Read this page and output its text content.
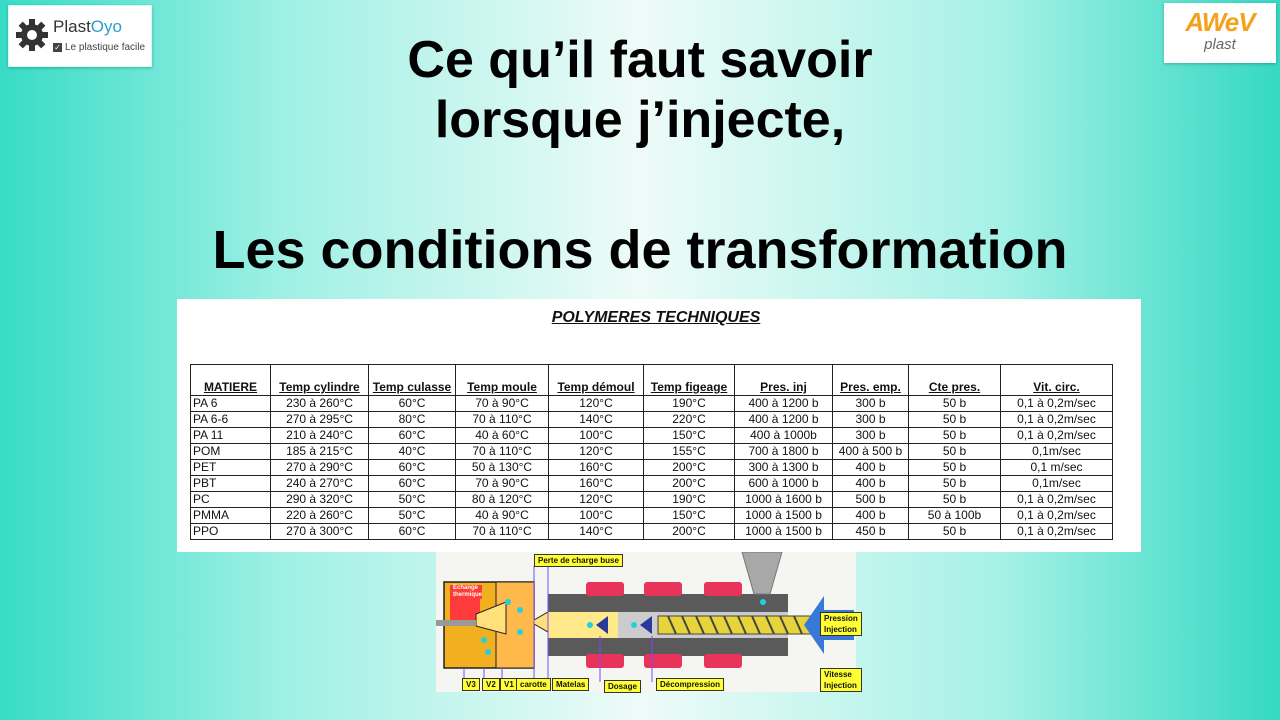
PlastOyo
✓ Le plastique facile
AWeV
plast
Ce qu’il faut savoir
lorsque j’injecte,
Les conditions de transformation
POLYMERES TECHNIQUES
MATIERE	Temp cylindre	Temp culasse	Temp moule	Temp démoul	Temp figeage	Pres. inj	Pres. emp.	Cte pres.	Vit. circ.
PA 6	230 à 260°C	60°C	70 à 90°C	120°C	190°C	400 à 1200 b	300 b	50 b	0,1 à 0,2m/sec
PA 6-6	270 à 295°C	80°C	70 à 110°C	140°C	220°C	400 à 1200 b	300 b	50 b	0,1 à 0,2m/sec
PA 11	210 à 240°C	60°C	40 à 60°C	100°C	150°C	400 à 1000b	300 b	50 b	0,1 à 0,2m/sec
POM	185 à 215°C	40°C	70 à 110°C	120°C	155°C	700 à 1800 b	400 à 500 b	50 b	0,1m/sec
PET	270 à 290°C	60°C	50 à 130°C	160°C	200°C	300 à 1300 b	400 b	50 b	0,1 m/sec
PBT	240 à 270°C	60°C	70 à 90°C	160°C	200°C	600 à 1000 b	400 b	50 b	0,1m/sec
PC	290 à 320°C	50°C	80 à 120°C	120°C	190°C	1000 à 1600 b	500 b	50 b	0,1 à 0,2m/sec
PMMA	220 à 260°C	50°C	40 à 90°C	100°C	150°C	1000 à 1500 b	400 b	50 à 100b	0,1 à 0,2m/sec
PPO	270 à 300°C	60°C	70 à 110°C	140°C	200°C	1000 à 1500 b	450 b	50 b	0,1 à 0,2m/sec
Perte de charge buse
Echange thermique
V3	V2	V1 carotte	Matelas	Dosage	Décompression
Pression Injection
Vitesse Injection
